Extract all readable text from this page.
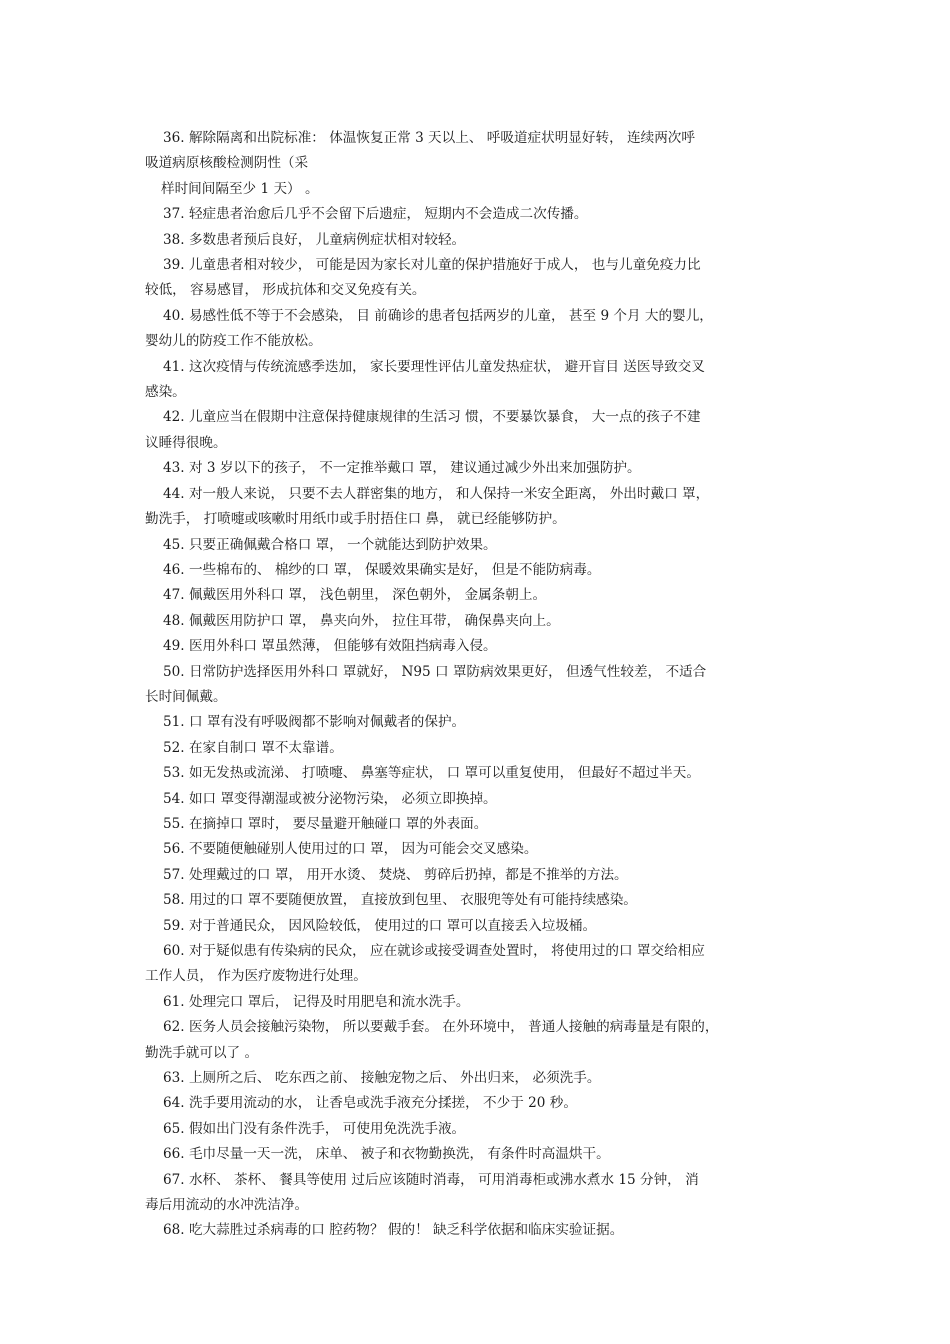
36. 解除隔离和出院标准： 体温恢复正常 3 天以上、 呼吸道症状明显好转， 连续两次呼
吸道病原核酸检测阴性（采
样时间间隔至少 1 天） 。
37. 轻症患者治愈后几乎不会留下后遗症， 短期内不会造成二次传播。
38. 多数患者预后良好， 儿童病例症状相对较轻。
39. 儿童患者相对较少， 可能是因为家长对儿童的保护措施好于成人， 也与儿童免疫力比
较低， 容易感冒， 形成抗体和交叉免疫有关。
40. 易感性低不等于不会感染， 目 前确诊的患者包括两岁的儿童， 甚至 9 个月 大的婴儿，
婴幼儿的防疫工作不能放松。
41. 这次疫情与传统流感季迭加， 家长要理性评估儿童发热症状， 避开盲目 送医导致交叉
感染。
42. 儿童应当在假期中注意保持健康规律的生活习 惯，不要暴饮暴食， 大一点的孩子不建
议睡得很晚。
43. 对 3 岁以下的孩子， 不一定推举戴口 罩， 建议通过减少外出来加强防护。
44. 对一般人来说， 只要不去人群密集的地方， 和人保持一米安全距离， 外出时戴口 罩，
勤洗手， 打喷嚏或咳嗽时用纸巾或手肘捂住口 鼻， 就已经能够防护。
45. 只要正确佩戴合格口 罩， 一个就能达到防护效果。
46. 一些棉布的、 棉纱的口 罩， 保暖效果确实是好， 但是不能防病毒。
47. 佩戴医用外科口 罩， 浅色朝里， 深色朝外， 金属条朝上。
48. 佩戴医用防护口 罩， 鼻夹向外， 拉住耳带， 确保鼻夹向上。
49. 医用外科口 罩虽然薄， 但能够有效阻挡病毒入侵。
50. 日常防护选择医用外科口 罩就好， N95 口 罩防病效果更好， 但透气性较差， 不适合
长时间佩戴。
51. 口 罩有没有呼吸阀都不影响对佩戴者的保护。
52. 在家自制口 罩不太靠谱。
53. 如无发热或流涕、 打喷嚏、 鼻塞等症状， 口 罩可以重复使用， 但最好不超过半天。
54. 如口 罩变得潮湿或被分泌物污染， 必须立即换掉。
55. 在摘掉口 罩时， 要尽量避开触碰口 罩的外表面。
56. 不要随便触碰别人使用过的口 罩， 因为可能会交叉感染。
57. 处理戴过的口 罩， 用开水烫、 焚烧、 剪碎后扔掉，都是不推举的方法。
58. 用过的口 罩不要随便放置， 直接放到包里、 衣服兜等处有可能持续感染。
59. 对于普通民众， 因风险较低， 使用过的口 罩可以直接丢入垃圾桶。
60. 对于疑似患有传染病的民众， 应在就诊或接受调查处置时， 将使用过的口 罩交给相应
工作人员， 作为医疗废物进行处理。
61. 处理完口 罩后， 记得及时用肥皂和流水洗手。
62. 医务人员会接触污染物， 所以要戴手套。 在外环境中， 普通人接触的病毒量是有限的，
勤洗手就可以了 。
63. 上厕所之后、 吃东西之前、 接触宠物之后、 外出归来， 必须洗手。
64. 洗手要用流动的水， 让香皂或洗手液充分揉搓， 不少于 20 秒。
65. 假如出门没有条件洗手， 可使用免洗洗手液。
66. 毛巾尽量一天一洗， 床单、 被子和衣物勤换洗， 有条件时高温烘干。
67. 水杯、 茶杯、 餐具等使用 过后应该随时消毒， 可用消毒柜或沸水煮水 15 分钟， 消
毒后用流动的水冲洗洁净。
68. 吃大蒜胜过杀病毒的口 腔药物？ 假的！ 缺乏科学依据和临床实验证据。
